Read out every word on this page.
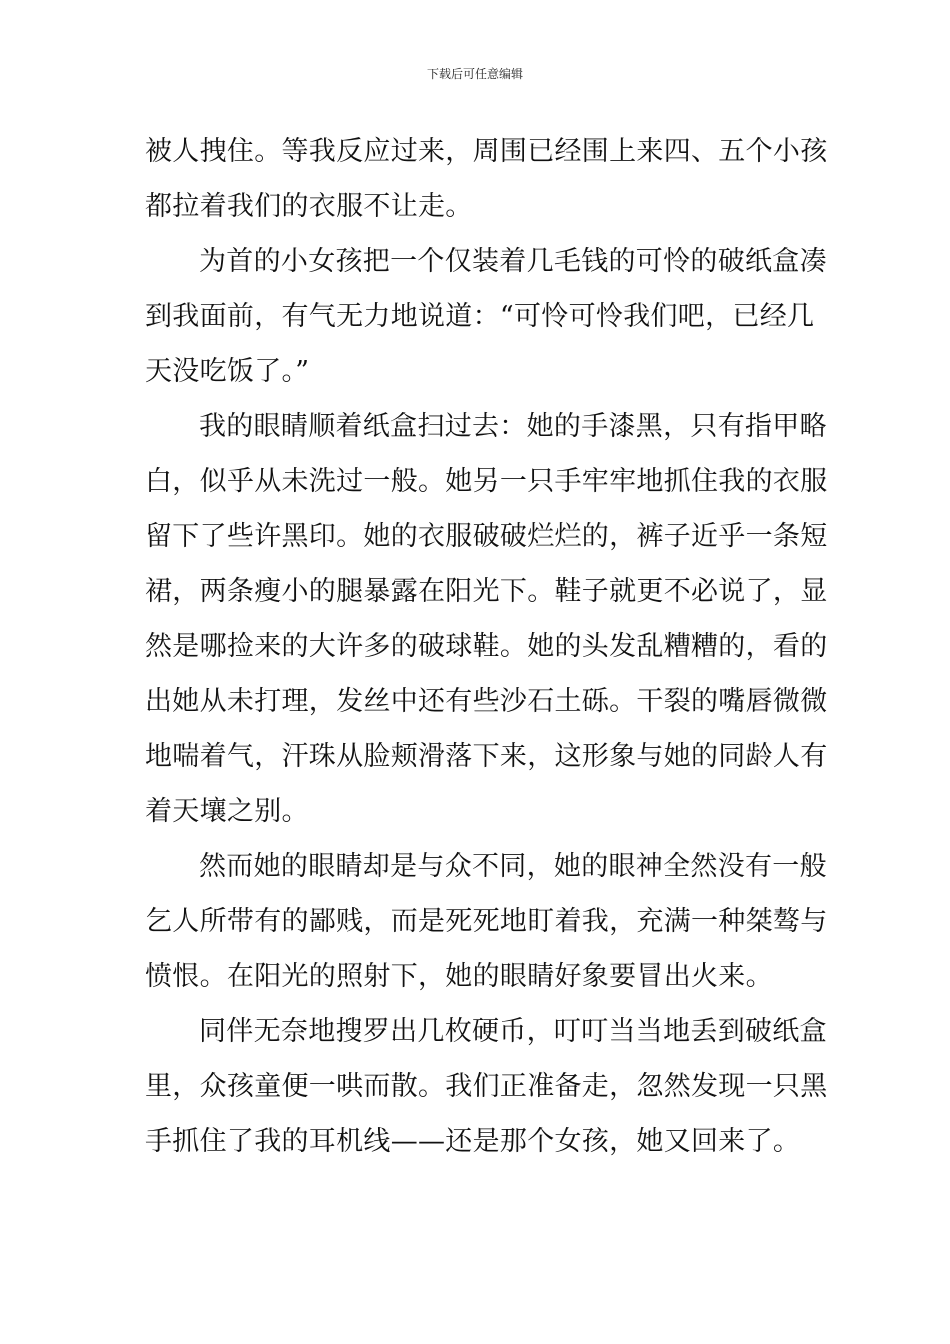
下载后可任意编辑

被人拽住。等我反应过来，周围已经围上来四、五个小孩
都拉着我们的衣服不让走。

为首的小女孩把一个仅装着几毛钱的可怜的破纸盒凑
到我面前，有气无力地说道：“可怜可怜我们吧，已经几
天没吃饭了。”

我的眼睛顺着纸盒扫过去：她的手漆黑，只有指甲略
白，似乎从未洗过一般。她另一只手牢牢地抓住我的衣服
留下了些许黑印。她的衣服破破烂烂的，裤子近乎一条短
裙，两条瘦小的腿暴露在阳光下。鞋子就更不必说了，显
然是哪捡来的大许多的破球鞋。她的头发乱糟糟的，看的
出她从未打理，发丝中还有些沙石土砾。干裂的嘴唇微微
地喘着气，汗珠从脸颊滑落下来，这形象与她的同龄人有
着天壤之别。

然而她的眼睛却是与众不同，她的眼神全然没有一般
乞人所带有的鄙贱，而是死死地盯着我，充满一种桀骜与
愤恨。在阳光的照射下，她的眼睛好象要冒出火来。

同伴无奈地搜罗出几枚硬币，叮叮当当地丢到破纸盒
里，众孩童便一哄而散。我们正准备走，忽然发现一只黑
手抓住了我的耳机线——还是那个女孩，她又回来了。
